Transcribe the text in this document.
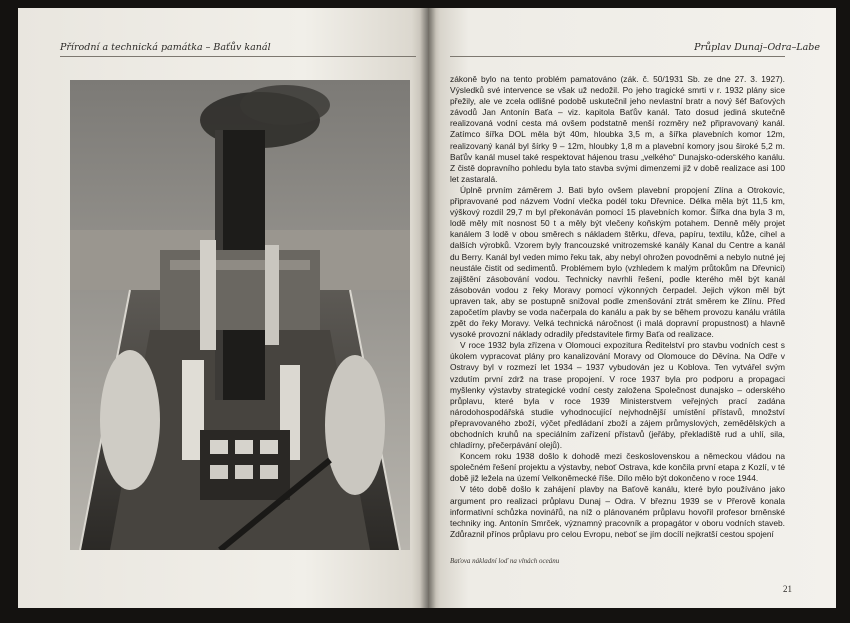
Přírodní a technická památka – Baťův kanál	Průplav Dunaj–Odra–Labe

zákoně bylo na tento problém pamatováno (zák. č. 50/1931 Sb. ze dne 27. 3. 1927). Výsledků své intervence se však už nedožil. Po jeho tragické smrti v r. 1932 plány sice přežily, ale ve zcela odlišné podobě uskutečnil jeho nevlastní bratr a nový šéf Baťových závodů Jan Antonín Baťa – viz. kapitola Baťův kanál. Tato dosud jediná skutečně realizovaná vodní cesta má ovšem podstatně menší rozměry než připravovaný kanál. Zatímco šířka DOL měla být 40m, hloubka 3,5 m, a šířka plavebních komor 12m, realizovaný kanál byl šírky 9 – 12m, hloubky 1,8 m a plavební komory jsou široké 5,2 m. Baťův kanál musel také respektovat hájenou trasu „velkého“ Dunajsko-oderského kanálu. Z čistě dopravního pohledu byla tato stavba svými dimenzemi již v době realizace asi 100 let zastaralá.

Úplně prvním záměrem J. Bati bylo ovšem plavební propojení Zlína a Otrokovic, připravované pod názvem Vodní vlečka podél toku Dřevnice. Délka měla být 11,5 km, výškový rozdíl 29,7 m byl překonáván pomocí 15 plavebních komor. Šířka dna byla 3 m, lodě měly mít nosnost 50 t a měly být vlečeny koňským potahem. Denně měly projet kanálem 3 lodě v obou směrech s nákladem štěrku, dřeva, papíru, textilu, kůže, cihel a dalších výrobků. Vzorem byly francouzské vnitrozemské kanály Kanal du Centre a kanál du Berry. Kanál byl veden mimo řeku tak, aby nebyl ohrožen povodněmi a nebylo nutné jej neustále čistit od sedimentů. Problémem bylo (vzhledem k malým průtokům na Dřevnici) zajištění zásobování vodou. Technicky navrhli řešení, podle kterého měl být kanál zásobován vodou z řeky Moravy pomocí výkonných čerpadel. Jejich výkon měl být upraven tak, aby se postupně snižoval podle zmenšování ztrát směrem ke Zlínu. Před započetím plavby se voda načerpala do kanálu a pak by se během provozu kanálu vrátila zpět do řeky Moravy. Velká technická náročnost (i malá dopravní propustnost) a hlavně vysoké provozní náklady odradily představitele firmy Baťa od realizace.

V roce 1932 byla zřízena v Olomouci expozitura Ředitelství pro stavbu vodních cest s úkolem vypracovat plány pro kanalizování Moravy od Olomouce do Děvína. Na Odře v Ostravy byl v rozmezí let 1934 – 1937 vybudován jez u Koblova. Ten vytvářel svým vzdutím první zdrž na trase propojení. V roce 1937 byla pro podporu a propagaci myšlenky výstavby strategické vodní cesty založena Společnost dunajsko – oderského průplavu, které byla v roce 1939 Ministerstvem veřejných prací zadána národohospodářská studie vyhodnocující nejvhodnější umístění přístavů, množství přepravovaného zboží, výčet předládaní zboží a zájem průmyslových, zemědělských a obchodních kruhů na speciálním zařízení přístavů (jeřáby, překladiště rud a uhlí, sila, chladírny, přečerpávání olejů).

Koncem roku 1938 došlo k dohodě mezi československou a německou vládou na společném řešení projektu a výstavby, neboť Ostrava, kde končila první etapa z Kozlí, v té době již ležela na území Velkoněmecké říše. Dílo mělo být dokončeno v roce 1944.

V této době došlo k zahájení plavby na Baťově kanálu, které bylo používáno jako argument pro realizaci průplavu Dunaj – Odra. V březnu 1939 se v Přerově konala informativní schůzka novinářů, na níž o plánovaném průplavu hovořil profesor brněnské techniky ing. Antonín Smrček, významný pracovník a propagátor v oboru vodních staveb. Zdůraznil přínos průplavu pro celou Evropu, neboť se jím docílí nejkratší cestou spojení

Baťova nákladní loď na vlnách oceánu
21
